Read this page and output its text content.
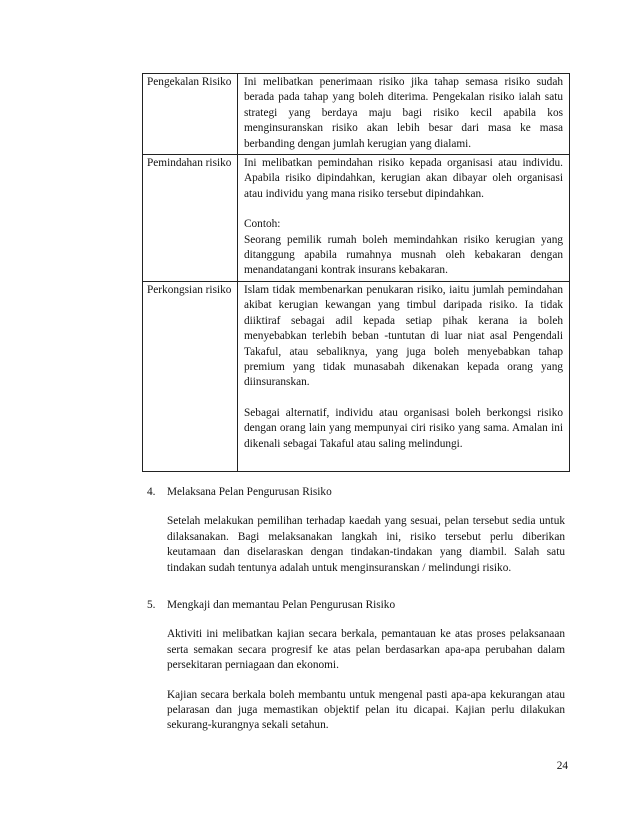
Pengekalan Risiko	Ini melibatkan penerimaan risiko jika tahap semasa risiko sudah berada pada tahap yang boleh diterima. Pengekalan risiko ialah satu strategi yang berdaya maju bagi risiko kecil apabila kos menginsuranskan risiko akan lebih besar dari masa ke masa berbanding dengan jumlah kerugian yang dialami.

Pemindahan risiko	Ini melibatkan pemindahan risiko kepada organisasi atau individu. Apabila risiko dipindahkan, kerugian akan dibayar oleh organisasi atau individu yang mana risiko tersebut dipindahkan.
Contoh:
Seorang pemilik rumah boleh memindahkan risiko kerugian yang ditanggung apabila rumahnya musnah oleh kebakaran dengan menandatangani kontrak insurans kebakaran.

Perkongsian risiko	Islam tidak membenarkan penukaran risiko, iaitu jumlah pemindahan akibat kerugian kewangan yang timbul daripada risiko. Ia tidak diiktiraf sebagai adil kepada setiap pihak kerana ia boleh menyebabkan terlebih beban -tuntutan di luar niat asal Pengendali Takaful, atau sebaliknya, yang juga boleh menyebabkan tahap premium yang tidak munasabah dikenakan kepada orang yang diinsuranskan.
Sebagai alternatif, individu atau organisasi boleh berkongsi risiko dengan orang lain yang mempunyai ciri risiko yang sama. Amalan ini dikenali sebagai Takaful atau saling melindungi.
4.	Melaksana Pelan Pengurusan Risiko

Setelah melakukan pemilihan terhadap kaedah yang sesuai, pelan tersebut sedia untuk dilaksanakan. Bagi melaksanakan langkah ini, risiko tersebut perlu diberikan keutamaan dan diselaraskan dengan tindakan-tindakan yang diambil. Salah satu tindakan sudah tentunya adalah untuk menginsuranskan / melindungi risiko.

5.	Mengkaji dan memantau Pelan Pengurusan Risiko

Aktiviti ini melibatkan kajian secara berkala, pemantauan ke atas proses pelaksanaan serta semakan secara progresif ke atas pelan berdasarkan apa-apa perubahan dalam persekitaran perniagaan dan ekonomi.

Kajian secara berkala boleh membantu untuk mengenal pasti apa-apa kekurangan atau pelarasan dan juga memastikan objektif pelan itu dicapai. Kajian perlu dilakukan sekurang-kurangnya sekali setahun.

24
